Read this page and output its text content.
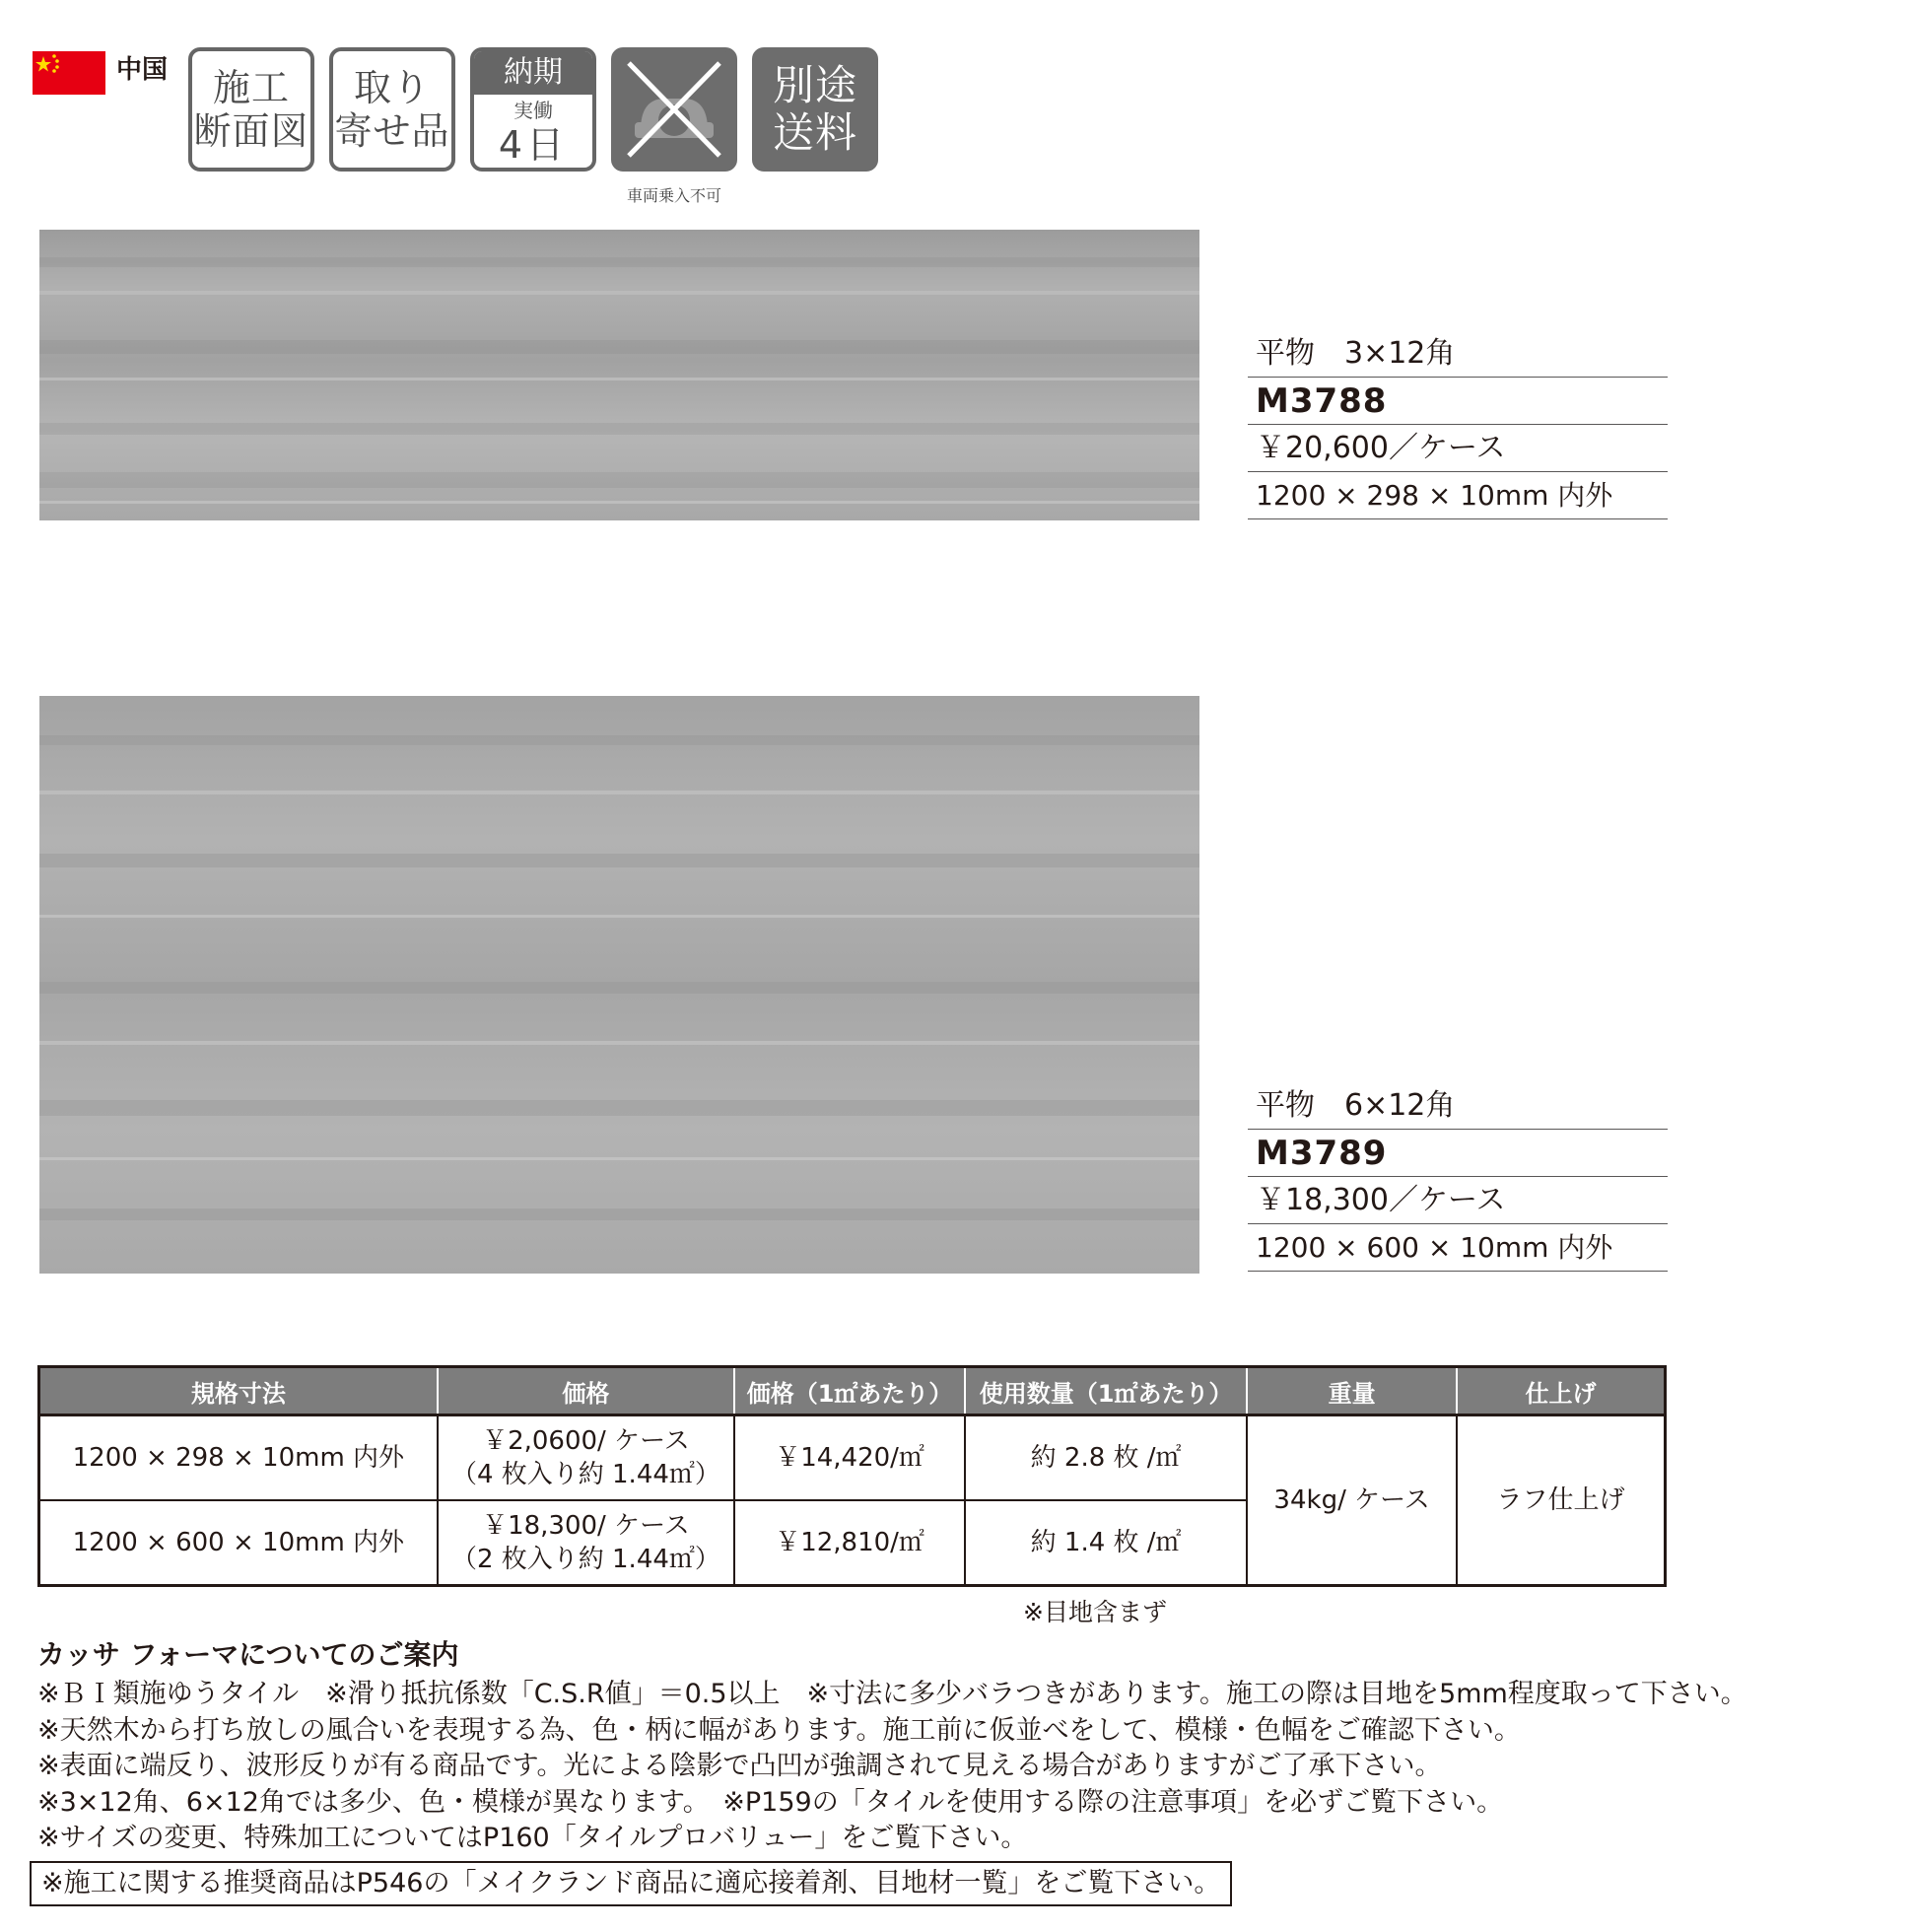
中国 施工
断面図
取り
寄せ品
納期
実働
4日
車両乗入不可
別途
送料
平物　3×12角
M3788
￥20,600／ケース
1200 × 298 × 10mm 内外
平物　6×12角
M3789
￥18,300／ケース
1200 × 600 × 10mm 内外
規格寸法	価格	価格（1㎡あたり）	使用数量（1㎡あたり）	重量	仕上げ
1200 × 298 × 10mm 内外	￥2,0600/ ケース
（4 枚入り約 1.44㎡）	￥14,420/㎡	約 2.8 枚 /㎡	34kg/ ケース	ラフ仕上げ
1200 × 600 × 10mm 内外	￥18,300/ ケース
（2 枚入り約 1.44㎡）	￥12,810/㎡	約 1.4 枚 /㎡		
※目地含まず
カッサ フォーマについてのご案内
※ＢＩ類施ゆうタイル　※滑り抵抗係数「C.S.R値」＝0.5以上　※寸法に多少バラつきがあります。施工の際は目地を5mm程度取って下さい。
※天然木から打ち放しの風合いを表現する為、色・柄に幅があります。施工前に仮並べをして、模様・色幅をご確認下さい。
※表面に端反り、波形反りが有る商品です。光による陰影で凸凹が強調されて見える場合がありますがご了承下さい。
※3×12角、6×12角では多少、色・模様が異なります。　※P159の「タイルを使用する際の注意事項」を必ずご覧下さい。
※サイズの変更、特殊加工についてはP160「タイルプロバリュー」をご覧下さい。
※施工に関する推奨商品はP546の「メイクランド商品に適応接着剤、目地材一覧」をご覧下さい。
